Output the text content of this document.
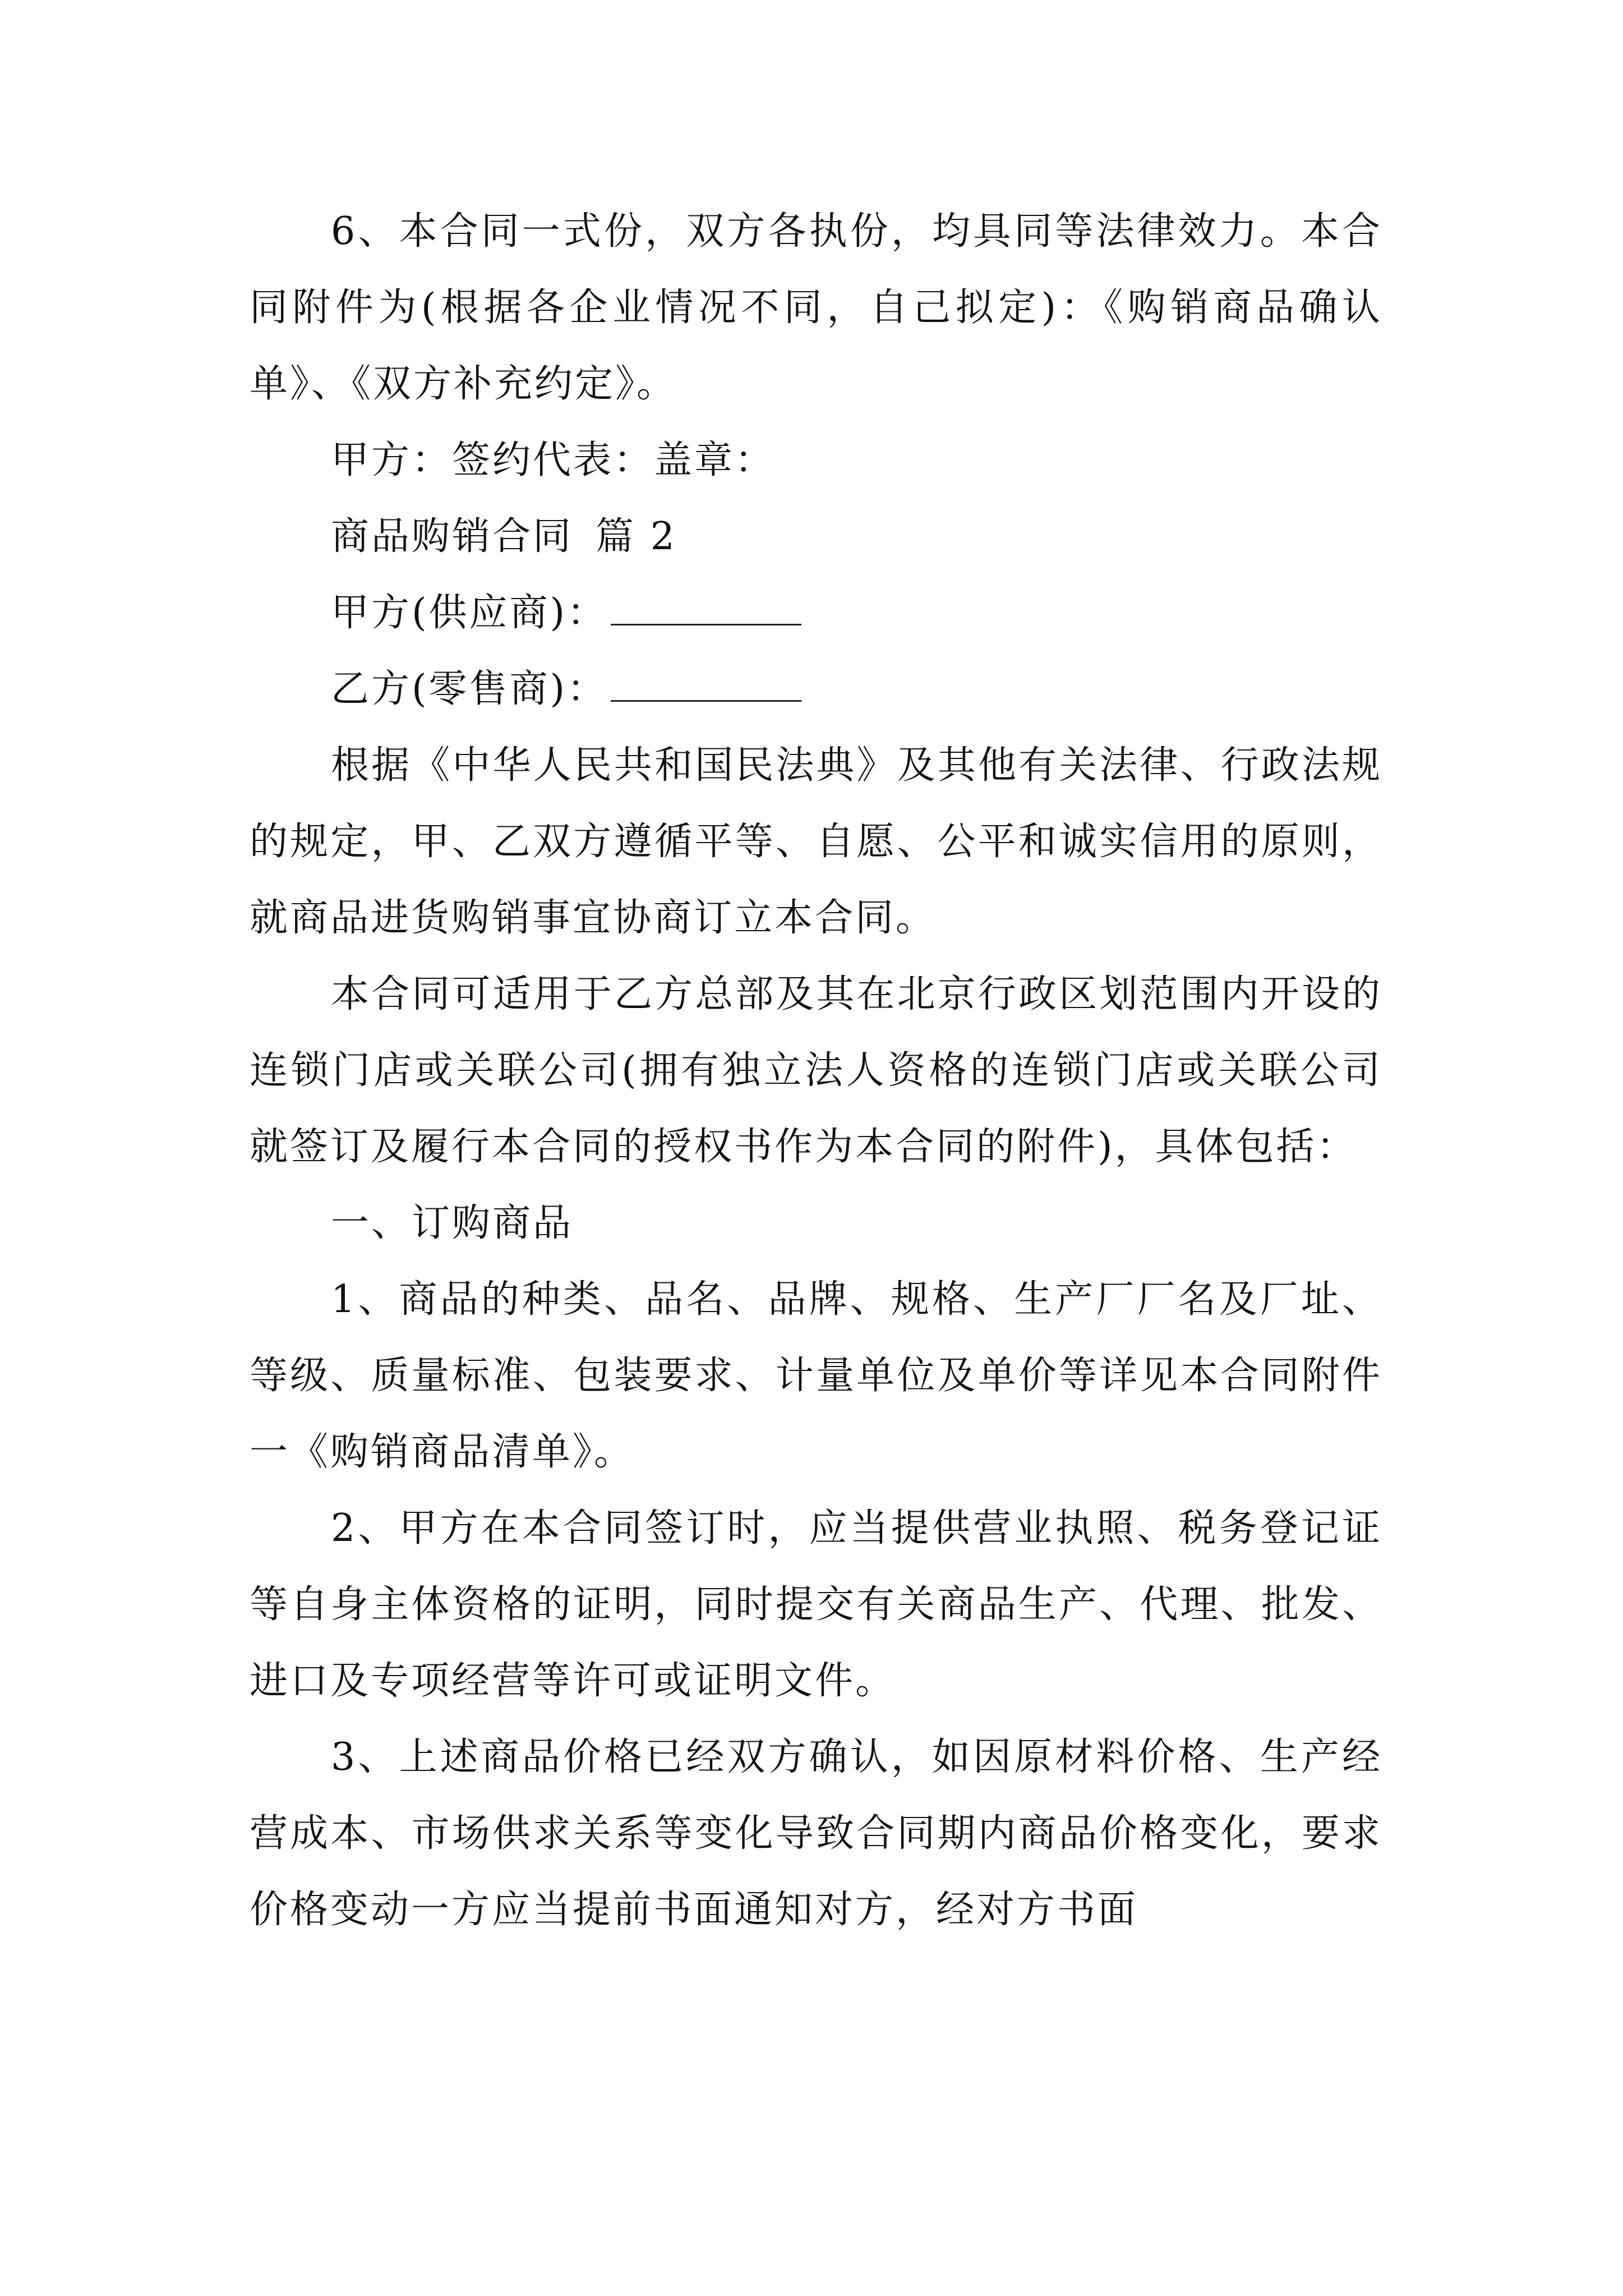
6、本合同一式份，双方各执份，均具同等法律效力。本合同附件为(根据各企业情况不同，自己拟定)：《购销商品确认单》、《双方补充约定》。

甲方：签约代表：盖章：

商品购销合同 篇 2

甲方(供应商)：

乙方(零售商)：

根据《中华人民共和国民法典》及其他有关法律、行政法规的规定，甲、乙双方遵循平等、自愿、公平和诚实信用的原则，就商品进货购销事宜协商订立本合同。

本合同可适用于乙方总部及其在北京行政区划范围内开设的连锁门店或关联公司(拥有独立法人资格的连锁门店或关联公司就签订及履行本合同的授权书作为本合同的附件)，具体包括：

一、订购商品

1、商品的种类、品名、品牌、规格、生产厂厂名及厂址、等级、质量标准、包装要求、计量单位及单价等详见本合同附件一《购销商品清单》。

2、甲方在本合同签订时，应当提供营业执照、税务登记证等自身主体资格的证明，同时提交有关商品生产、代理、批发、进口及专项经营等许可或证明文件。

3、上述商品价格已经双方确认，如因原材料价格、生产经营成本、市场供求关系等变化导致合同期内商品价格变化，要求价格变动一方应当提前书面通知对方，经对方书面
